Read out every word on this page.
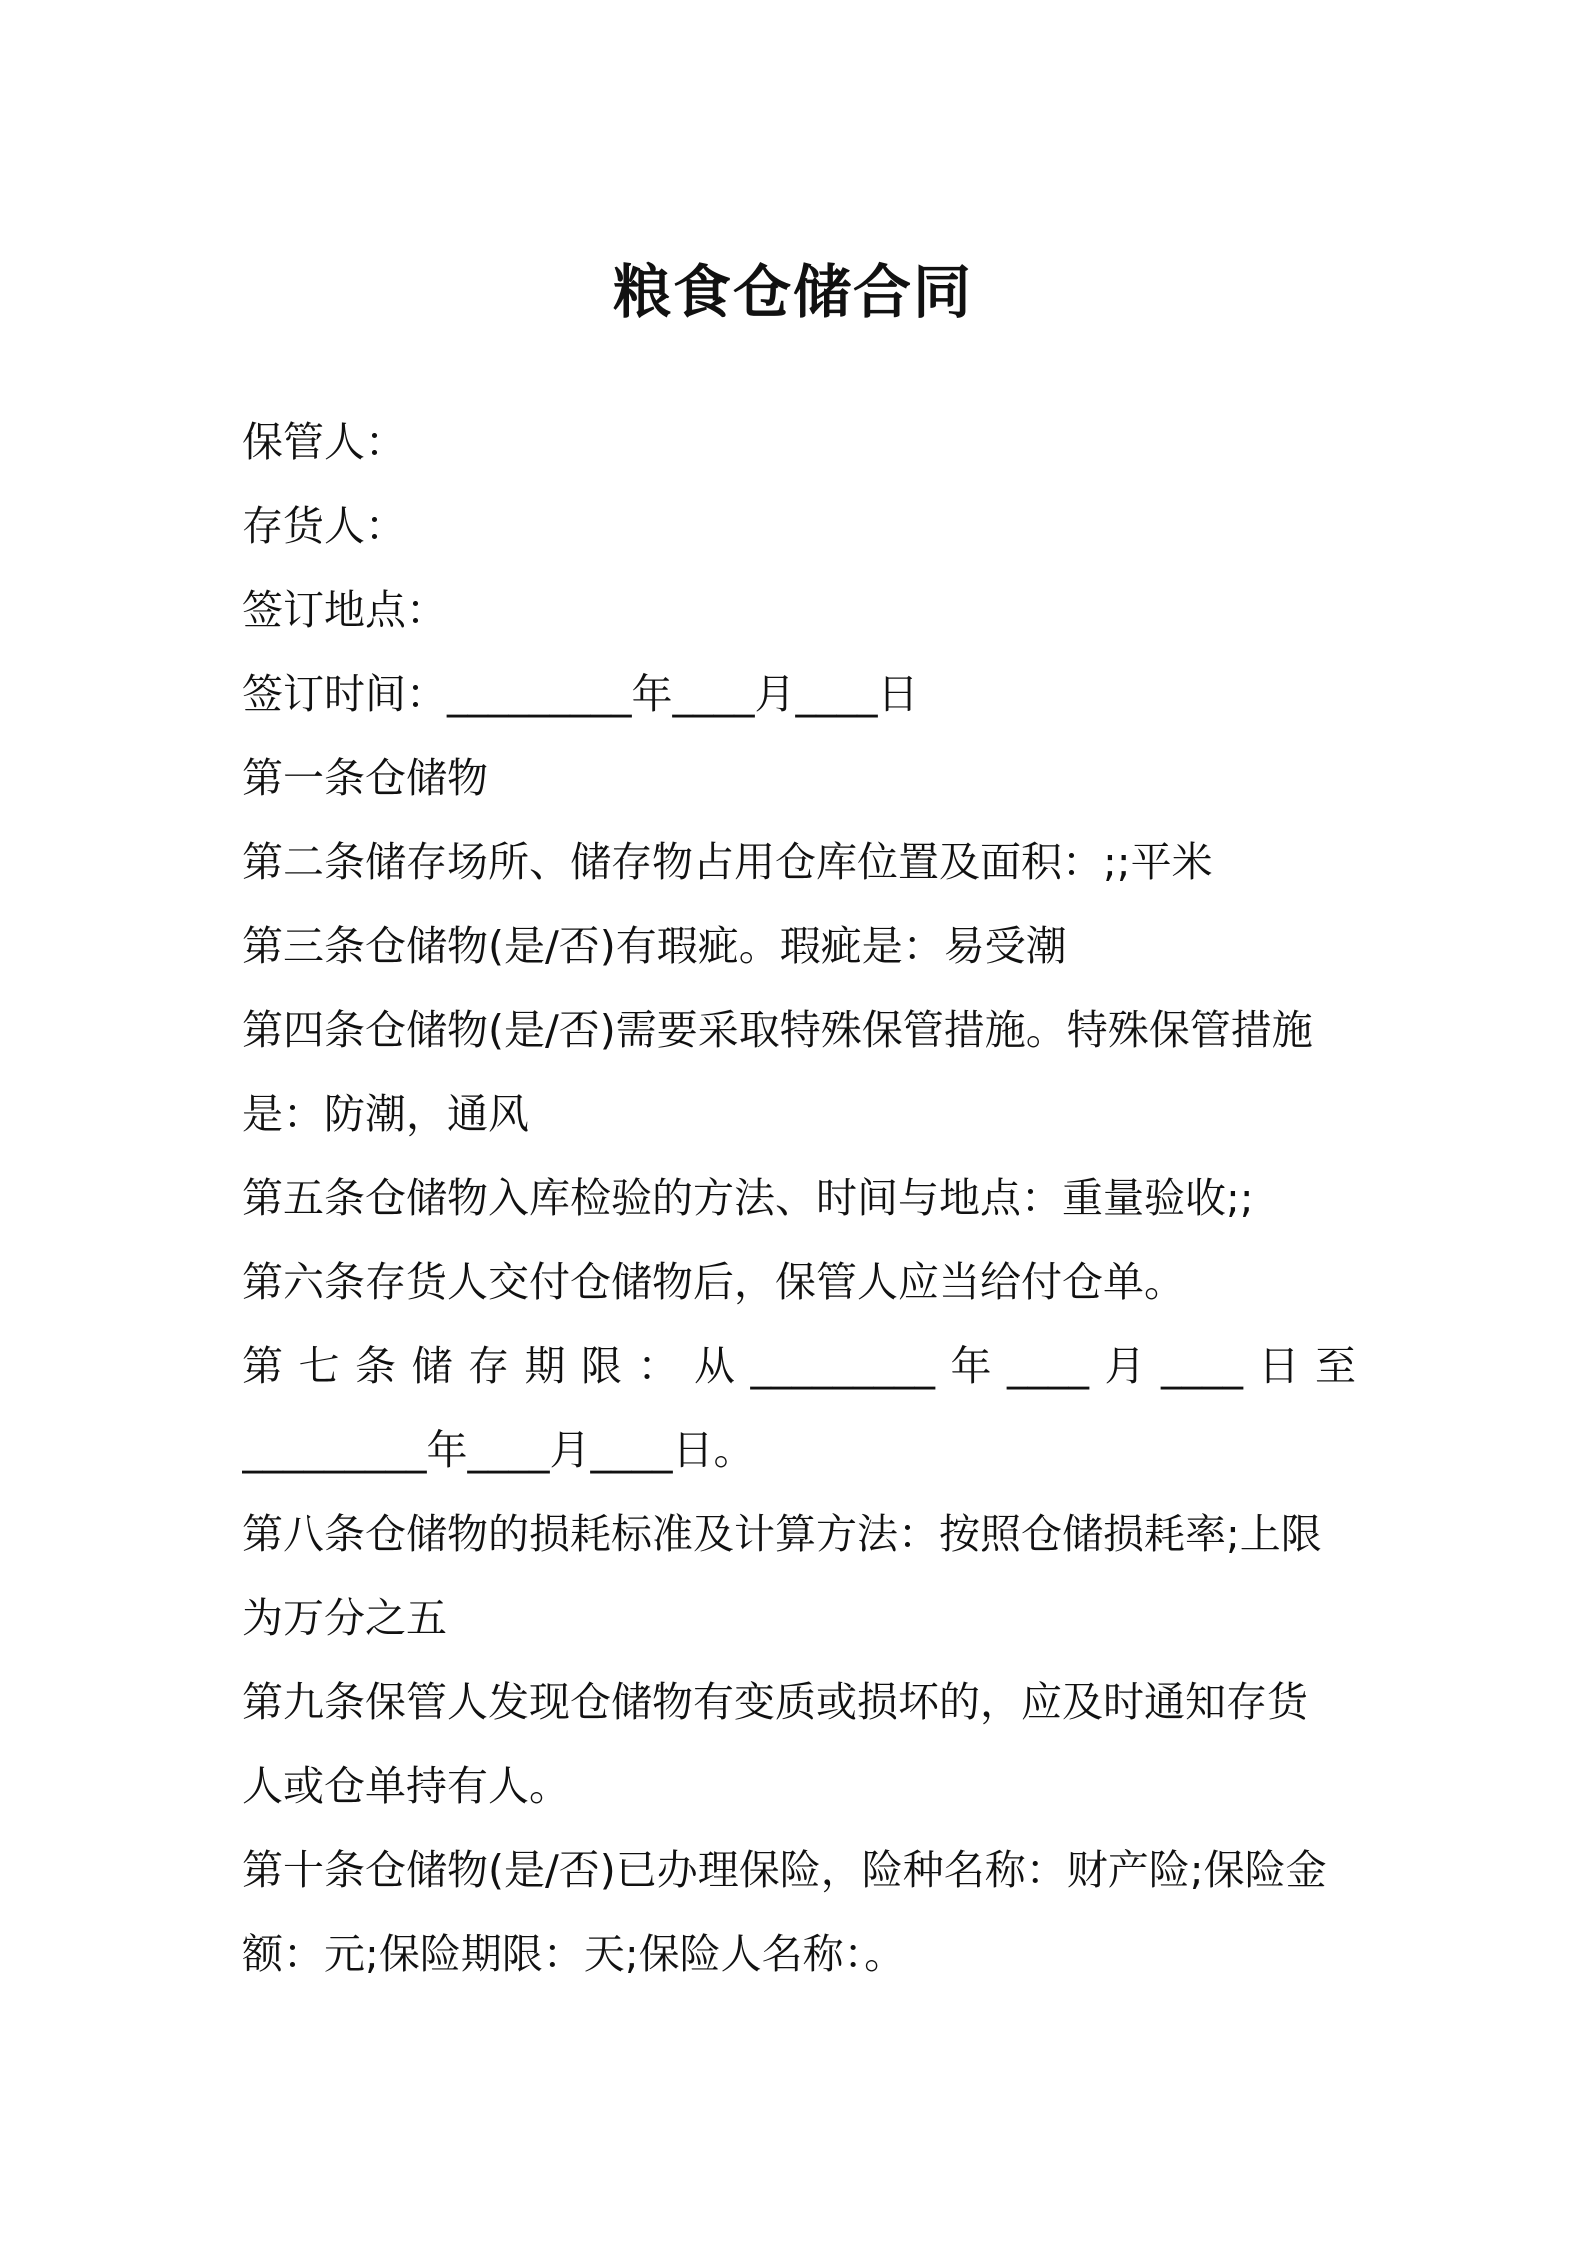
粮食仓储合同
保管人：
存货人：
签订地点：
签订时间：_________年____月____日
第一条仓储物
第二条储存场所、储存物占用仓库位置及面积：;;平米
第三条仓储物(是/否)有瑕疵。瑕疵是：易受潮
第四条仓储物(是/否)需要采取特殊保管措施。特殊保管措施
是：防潮，通风
第五条仓储物入库检验的方法、时间与地点：重量验收;;
第六条存货人交付仓储物后，保管人应当给付仓单。
第七条储存期限：从_________年____月____日至
_________年____月____日。
第八条仓储物的损耗标准及计算方法：按照仓储损耗率;上限
为万分之五
第九条保管人发现仓储物有变质或损坏的，应及时通知存货
人或仓单持有人。
第十条仓储物(是/否)已办理保险，险种名称：财产险;保险金
额：元;保险期限：天;保险人名称：。
